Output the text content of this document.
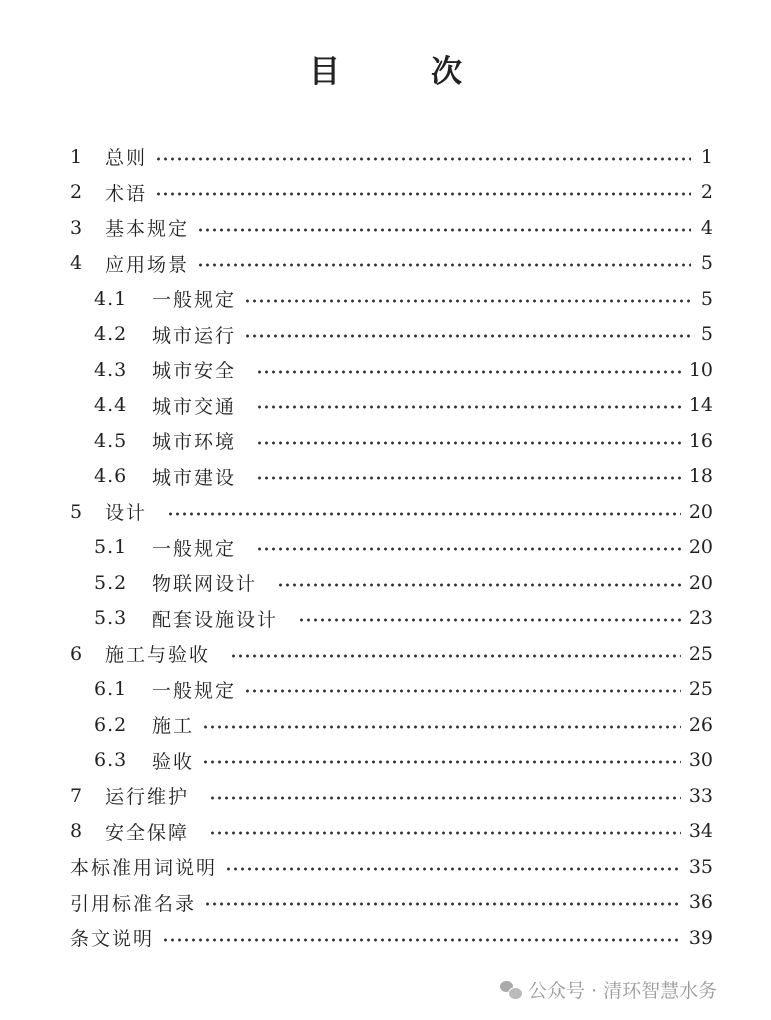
目　次
1	总则	1
2	术语	2
3	基本规定	4
4	应用场景	5
4.1	一般规定	5
4.2	城市运行	5
4.3	城市安全	10
4.4	城市交通	14
4.5	城市环境	16
4.6	城市建设	18
5	设计	20
5.1	一般规定	20
5.2	物联网设计	20
5.3	配套设施设计	23
6	施工与验收	25
6.1	一般规定	25
6.2	施工	26
6.3	验收	30
7	运行维护	33
8	安全保障	34
本标准用词说明	35
引用标准名录	36
条文说明	39
公众号 · 清环智慧水务
